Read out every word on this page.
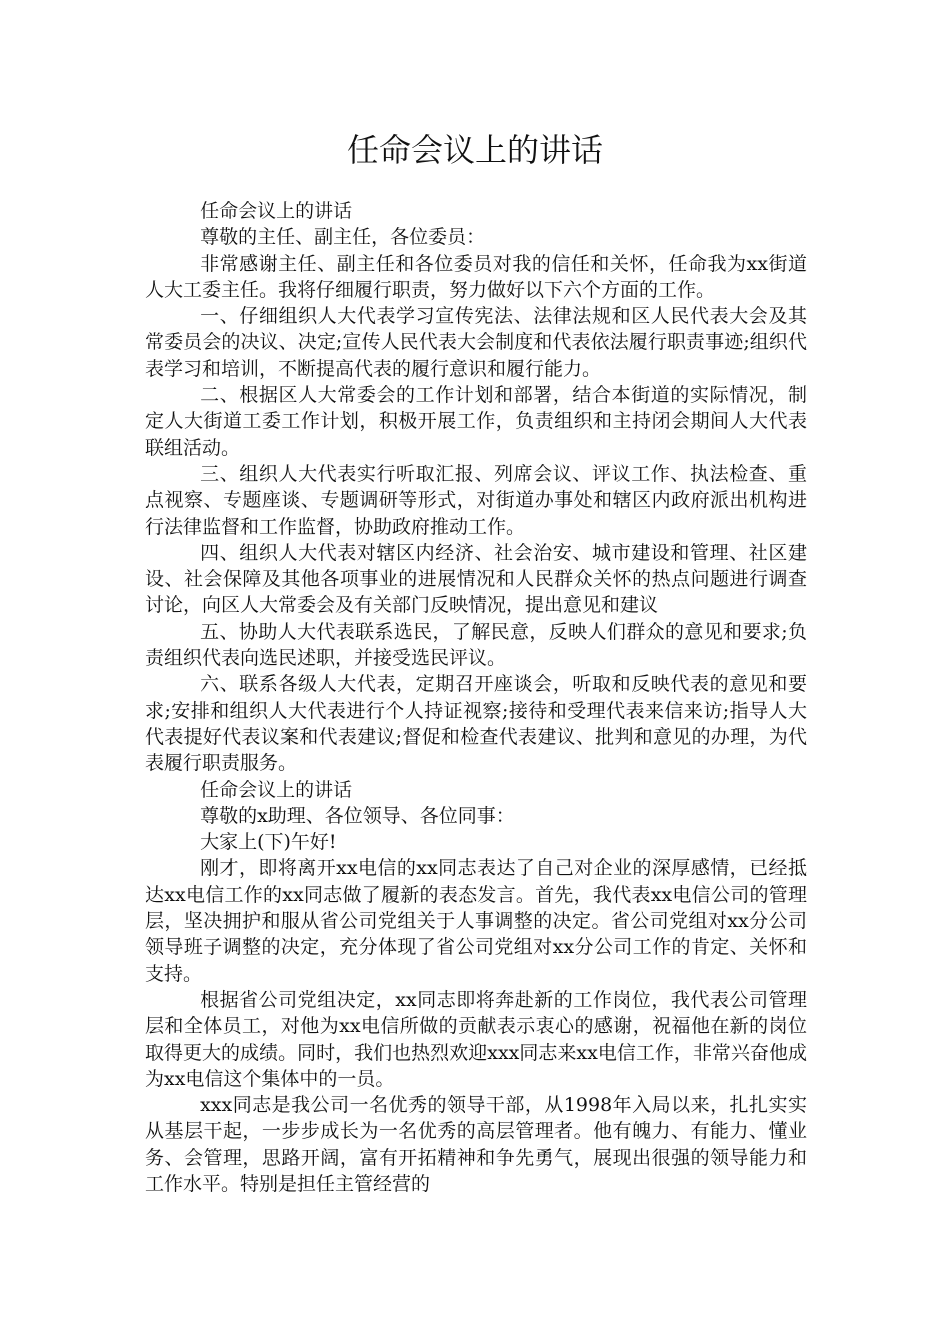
任命会议上的讲话

任命会议上的讲话

尊敬的主任、副主任，各位委员：

非常感谢主任、副主任和各位委员对我的信任和关怀，任命我为xx街道人大工委主任。我将仔细履行职责，努力做好以下六个方面的工作。

一、仔细组织人大代表学习宣传宪法、法律法规和区人民代表大会及其常委员会的决议、决定;宣传人民代表大会制度和代表依法履行职责事迹;组织代表学习和培训，不断提高代表的履行意识和履行能力。

二、根据区人大常委会的工作计划和部署，结合本街道的实际情况，制定人大街道工委工作计划，积极开展工作，负责组织和主持闭会期间人大代表联组活动。

三、组织人大代表实行听取汇报、列席会议、评议工作、执法检查、重点视察、专题座谈、专题调研等形式，对街道办事处和辖区内政府派出机构进行法律监督和工作监督，协助政府推动工作。

四、组织人大代表对辖区内经济、社会治安、城市建设和管理、社区建设、社会保障及其他各项事业的进展情况和人民群众关怀的热点问题进行调查讨论，向区人大常委会及有关部门反映情况，提出意见和建议

五、协助人大代表联系选民，了解民意，反映人们群众的意见和要求;负责组织代表向选民述职，并接受选民评议。

六、联系各级人大代表，定期召开座谈会，听取和反映代表的意见和要求;安排和组织人大代表进行个人持证视察;接待和受理代表来信来访;指导人大代表提好代表议案和代表建议;督促和检查代表建议、批判和意见的办理，为代表履行职责服务。

任命会议上的讲话

尊敬的x助理、各位领导、各位同事：

大家上(下)午好!

刚才，即将离开xx电信的xx同志表达了自己对企业的深厚感情，已经抵达xx电信工作的xx同志做了履新的表态发言。首先，我代表xx电信公司的管理层，坚决拥护和服从省公司党组关于人事调整的决定。省公司党组对xx分公司领导班子调整的决定，充分体现了省公司党组对xx分公司工作的肯定、关怀和支持。

根据省公司党组决定，xx同志即将奔赴新的工作岗位，我代表公司管理层和全体员工，对他为xx电信所做的贡献表示衷心的感谢，祝福他在新的岗位取得更大的成绩。同时，我们也热烈欢迎xxx同志来xx电信工作，非常兴奋他成为xx电信这个集体中的一员。

xxx同志是我公司一名优秀的领导干部，从1998年入局以来，扎扎实实从基层干起，一步步成长为一名优秀的高层管理者。他有魄力、有能力、懂业务、会管理，思路开阔，富有开拓精神和争先勇气，展现出很强的领导能力和工作水平。特别是担任主管经营的
